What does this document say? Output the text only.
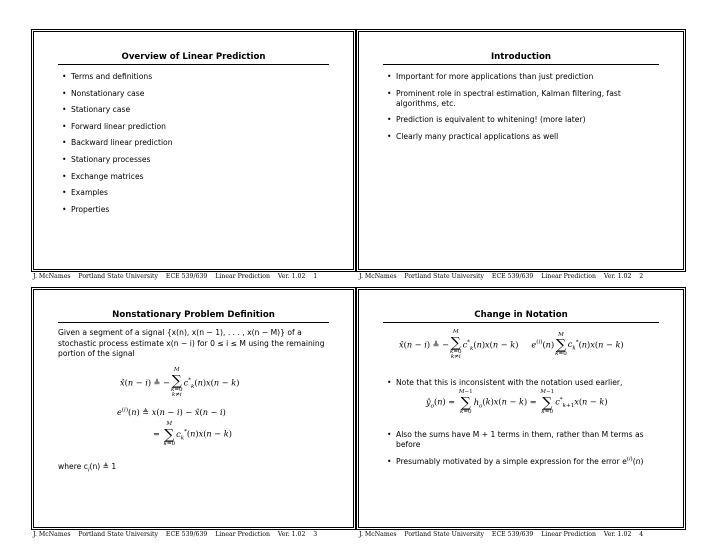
Overview of Linear Prediction
• Terms and definitions
• Nonstationary case
• Stationary case
• Forward linear prediction
• Backward linear prediction
• Stationary processes
• Exchange matrices
• Examples
• Properties
J. McNames Portland State University ECE 539/639 Linear Prediction Ver. 1.02 1
Introduction
• Important for more applications than just prediction
• Prominent role in spectral estimation, Kalman filtering, fast algorithms, etc.
• Prediction is equivalent to whitening! (more later)
• Clearly many practical applications as well
J. McNames Portland State University ECE 539/639 Linear Prediction Ver. 1.02 2
Nonstationary Problem Definition
Given a segment of a signal {x(n), x(n − 1), . . . , x(n − M)} of a stochastic process estimate x(n − i) for 0 ≤ i ≤ M using the remaining portion of the signal
x̂(n − i) ≜ −
M
∑
k=0
k≠i
$c^*_k(n)x(n - k)$
$e^{(i)}(n)$ ≜ x(n − i) − x̂(n − i)
=
M
∑
k=0
$c_k^*(n)x(n - k)$
where $c_i(n)$ ≜ 1
J. McNames Portland State University ECE 539/639 Linear Prediction Ver. 1.02 3
Change in Notation
x̂(n − i) ≜ −
M
∑
k=0
k≠i
$c^*_k(n)x(n - k)$     $e^{(i)}(n)$
M
∑
k=0
$c_k^*(n)x(n - k)$
• Note that this is inconsistent with the notation used earlier,
$ŷ_o(n)$ =
M−1
∑
k=0
$h_o(k)x(n - k)$ =
M−1
∑
k=0
$c^*_{k+1}x(n - k)$
• Also the sums have M + 1 terms in them, rather than M terms as before
• Presumably motivated by a simple expression for the error $e^{(i)}(n)$
J. McNames Portland State University ECE 539/639 Linear Prediction Ver. 1.02 4
